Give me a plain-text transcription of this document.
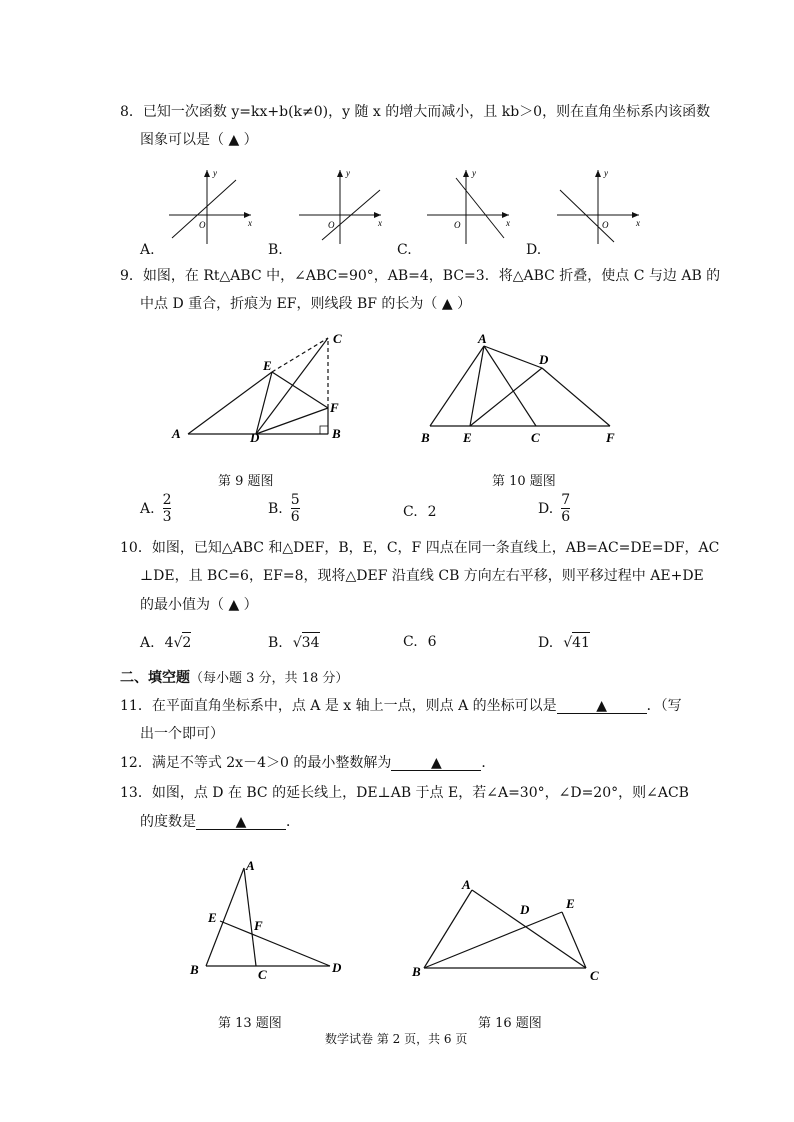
8．已知一次函数 y=kx+b(k≠0)，y 随 x 的增大而减小，且 kb＞0，则在直角坐标系内该函数
图象可以是（ ▲ ）
y
x
O
y
x
O
y
x
O
y
x
O
A.	B.	C.	D.
9．如图，在 Rt△ABC 中，∠ABC=90°，AB=4，BC=3．将△ABC 折叠，使点 C 与边 AB 的
中点 D 重合，折痕为 EF，则线段 BF 的长为（ ▲ ）
C
E
F
A	D	B
A
D
B	E	C	F
第 9 题图	第 10 题图
A. $\frac{2}{3}$	B. $\frac{5}{6}$	C. 2	D. $\frac{7}{6}$
10．如图，已知△ABC 和△DEF，B，E，C，F 四点在同一条直线上，AB=AC=DE=DF，AC
⊥DE，且 BC=6，EF=8，现将△DEF 沿直线 CB 方向左右平移，则平移过程中 AE+DE
的最小值为（ ▲ ）
A. 4 √ 2	B. √ 34	C. 6	D. √ 41
二、填空题（每小题 3 分，共 18 分）
11．在平面直角坐标系中，点 A 是 x 轴上一点，则点 A 的坐标可以是	▲	．（写
出一个即可）
12．满足不等式 2x－4＞0 的最小整数解为	▲	．
13．如图，点 D 在 BC 的延长线上，DE⊥AB 于点 E，若∠A=30°，∠D=20°，则∠ACB
的度数是	▲	．
A
E
F
B	C	D
A
D	E
B	C
第 13 题图	第 16 题图
数学试卷 第 2 页，共 6 页
